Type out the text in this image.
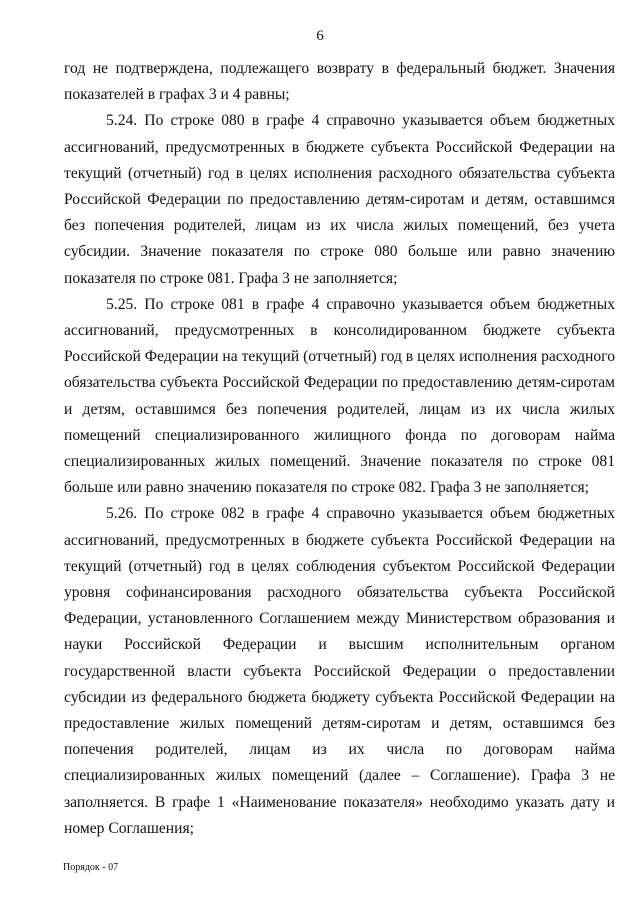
6

год не подтверждена, подлежащего возврату в федеральный бюджет. Значения показателей в графах 3 и 4 равны;

5.24. По строке 080 в графе 4 справочно указывается объем бюджетных ассигнований, предусмотренных в бюджете субъекта Российской Федерации на текущий (отчетный) год в целях исполнения расходного обязательства субъекта Российской Федерации по предоставлению детям-сиротам и детям, оставшимся без попечения родителей, лицам из их числа жилых помещений, без учета субсидии. Значение показателя по строке 080 больше или равно значению показателя по строке 081. Графа 3 не заполняется;

5.25. По строке 081 в графе 4 справочно указывается объем бюджетных ассигнований, предусмотренных в консолидированном бюджете субъекта Российской Федерации на текущий (отчетный) год в целях исполнения расходного обязательства субъекта Российской Федерации по предоставлению детям-сиротам и детям, оставшимся без попечения родителей, лицам из их числа жилых помещений специализированного жилищного фонда по договорам найма специализированных жилых помещений. Значение показателя по строке 081 больше или равно значению показателя по строке 082. Графа 3 не заполняется;

5.26. По строке 082 в графе 4 справочно указывается объем бюджетных ассигнований, предусмотренных в бюджете субъекта Российской Федерации на текущий (отчетный) год в целях соблюдения субъектом Российской Федерации уровня софинансирования расходного обязательства субъекта Российской Федерации, установленного Соглашением между Министерством образования и науки Российской Федерации и высшим исполнительным органом государственной власти субъекта Российской Федерации о предоставлении субсидии из федерального бюджета бюджету субъекта Российской Федерации на предоставление жилых помещений детям-сиротам и детям, оставшимся без попечения родителей, лицам из их числа по договорам найма специализированных жилых помещений (далее – Соглашение). Графа 3 не заполняется. В графе 1 «Наименование показателя» необходимо указать дату и номер Соглашения;

Порядок - 07
